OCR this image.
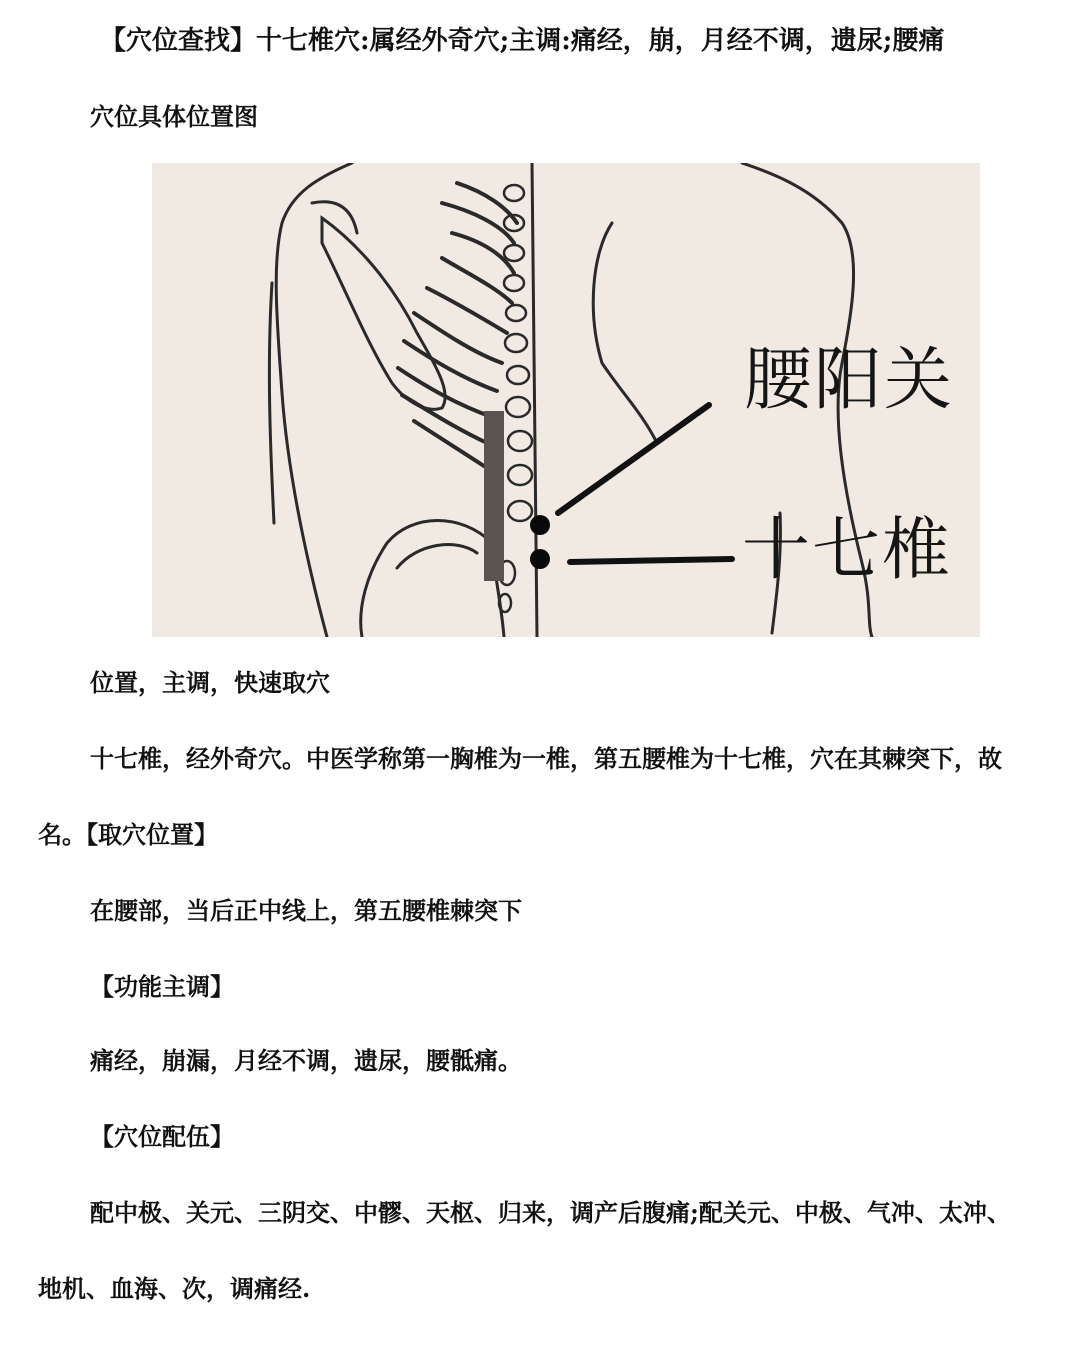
【穴位查找】十七椎穴:属经外奇穴;主调:痛经，崩，月经不调，遗尿;腰痛
穴位具体位置图
腰阳关
十七椎
位置，主调，快速取穴
十七椎，经外奇穴。中医学称第一胸椎为一椎，第五腰椎为十七椎，穴在其棘突下，故
名。【取穴位置】
在腰部，当后正中线上，第五腰椎棘突下
【功能主调】
痛经，崩漏，月经不调，遗尿，腰骶痛。
【穴位配伍】
配中极、关元、三阴交、中髎、天枢、归来，调产后腹痛;配关元、中极、气冲、太冲、
地机、血海、次，调痛经.
